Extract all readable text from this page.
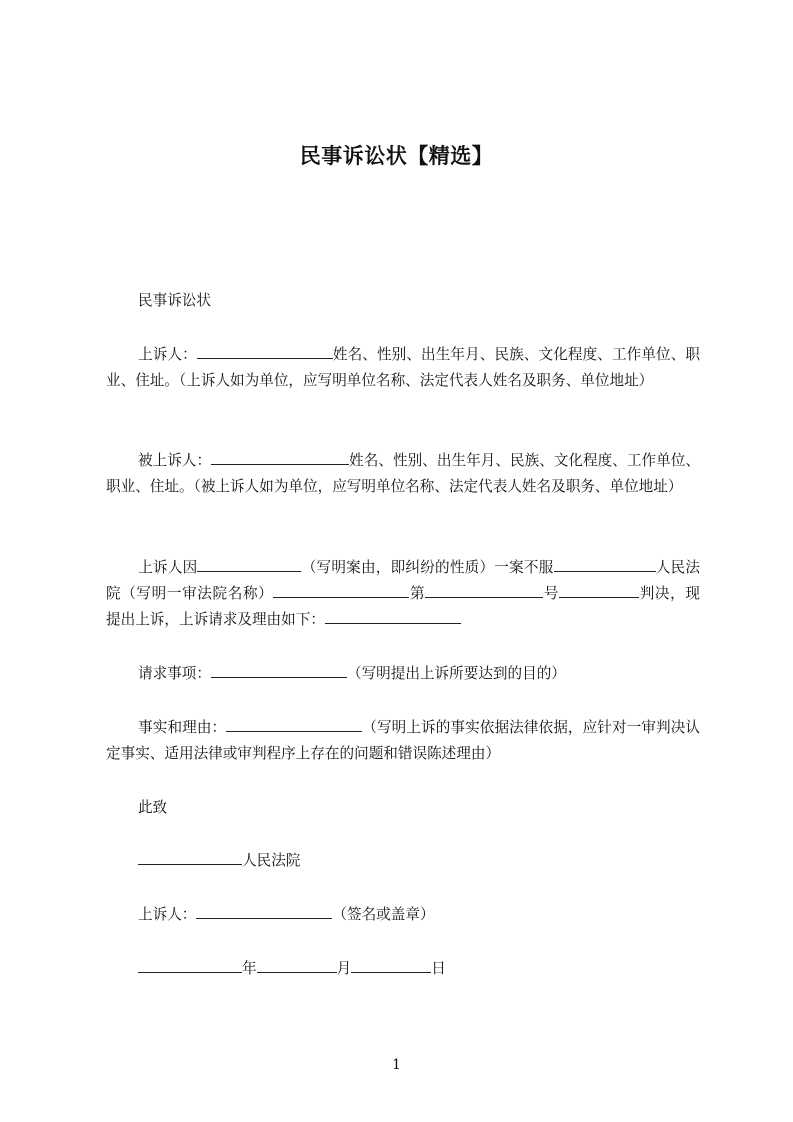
民事诉讼状【精选】
民事诉讼状
上诉人：	姓名、性别、出生年月、民族、文化程度、工作单位、职业、住址。（上诉人如为单位，应写明单位名称、法定代表人姓名及职务、单位地址）
被上诉人：	姓名、性别、出生年月、民族、文化程度、工作单位、职业、住址。（被上诉人如为单位，应写明单位名称、法定代表人姓名及职务、单位地址）
上诉人因	（写明案由，即纠纷的性质）一案不服	人民法院（写明一审法院名称）	第	号	判决，现提出上诉，上诉请求及理由如下：
请求事项：	（写明提出上诉所要达到的目的）
事实和理由：	（写明上诉的事实依据法律依据，应针对一审判决认定事实、适用法律或审判程序上存在的问题和错误陈述理由）
此致
人民法院
上诉人：	（签名或盖章）
年	月	日
1
